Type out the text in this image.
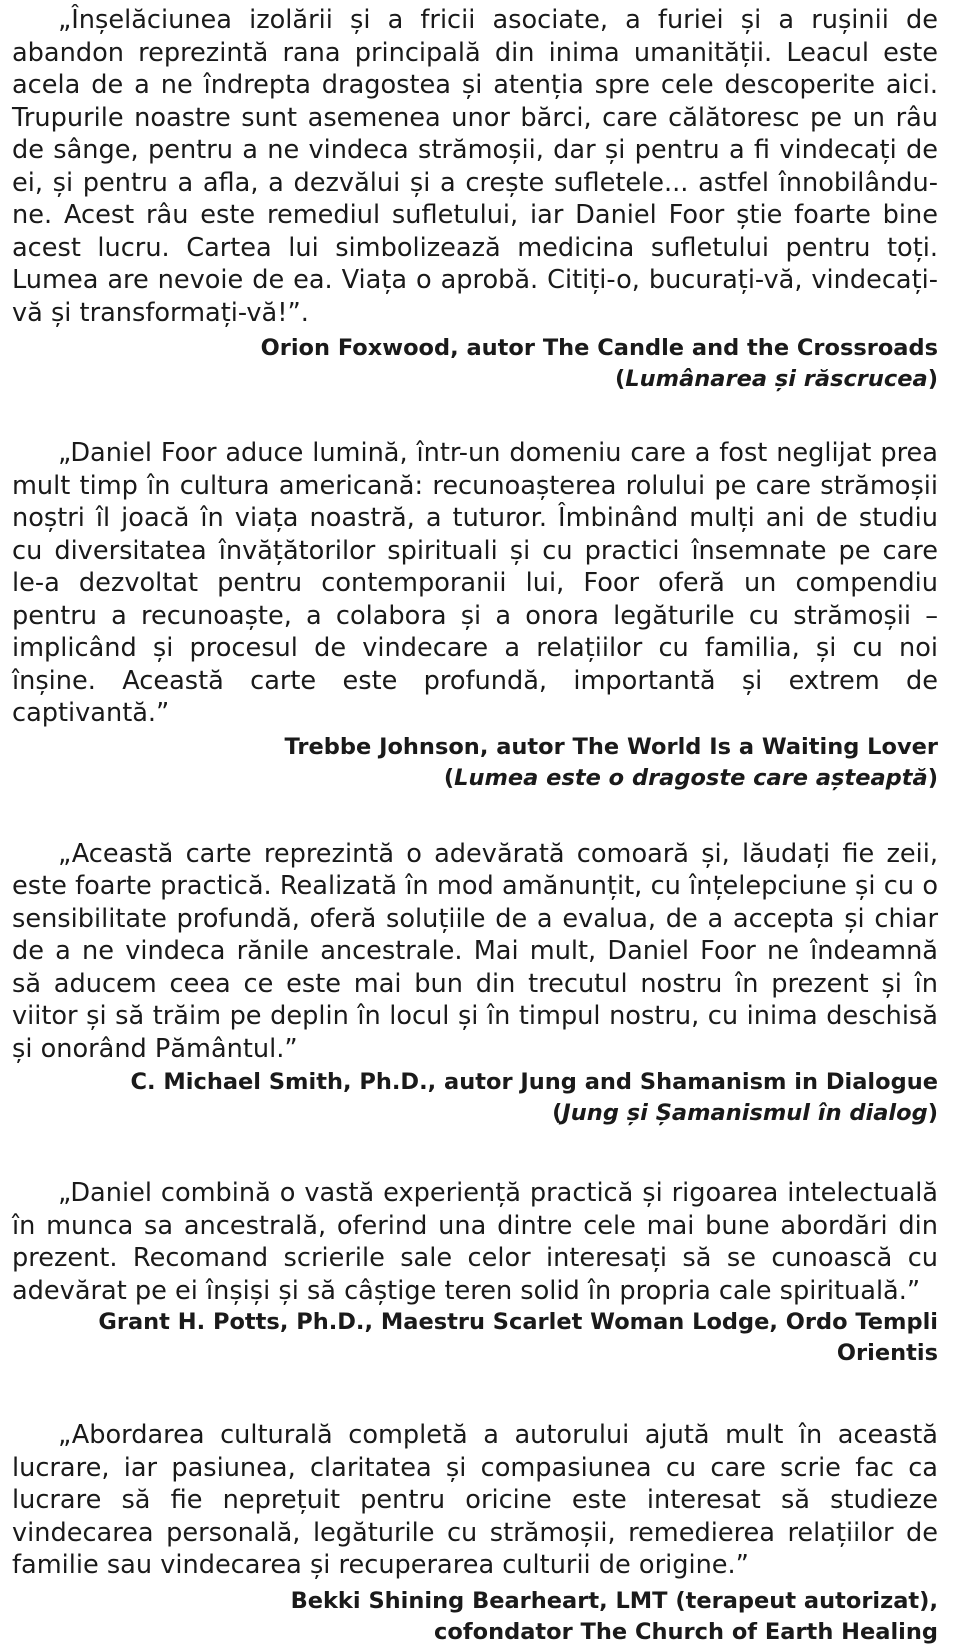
„Înșelăciunea izolării și a fricii asociate, a furiei și a rușinii de abandon reprezintă rana principală din inima umanității. Leacul este acela de a ne îndrepta dragostea și atenția spre cele descoperite aici. Trupurile noastre sunt asemenea unor bărci, care călătoresc pe un râu de sânge, pentru a ne vindeca strămoșii, dar și pentru a fi vindecați de ei, și pentru a afla, a dezvălui și a crește sufletele... astfel înnobilându-ne. Acest râu este remediul sufletului, iar Daniel Foor știe foarte bine acest lucru. Cartea lui simbolizează medicina sufletului pentru toți. Lumea are nevoie de ea. Viața o aprobă. Citiți-o, bucurați-vă, vindecați-vă și transformați-vă!”.

Orion Foxwood, autor The Candle and the Crossroads
(Lumânarea și răscrucea)

„Daniel Foor aduce lumină, într-un domeniu care a fost neglijat prea mult timp în cultura americană: recunoașterea rolului pe care strămoșii noștri îl joacă în viața noastră, a tuturor. Îmbinând mulți ani de studiu cu diversitatea învățătorilor spirituali și cu practici însemnate pe care le-a dezvoltat pentru contemporanii lui, Foor oferă un compendiu pentru a recunoaște, a colabora și a onora legăturile cu strămoșii – implicând și procesul de vindecare a relațiilor cu familia, și cu noi înșine. Această carte este profundă, importantă și extrem de captivantă.”

Trebbe Johnson, autor The World Is a Waiting Lover
(Lumea este o dragoste care așteaptă)

„Această carte reprezintă o adevărată comoară și, lăudați fie zeii, este foarte practică. Realizată în mod amănunțit, cu înțelepciune și cu o sensibilitate profundă, oferă soluțiile de a evalua, de a accepta și chiar de a ne vindeca rănile ancestrale. Mai mult, Daniel Foor ne îndeamnă să aducem ceea ce este mai bun din trecutul nostru în prezent și în viitor și să trăim pe deplin în locul și în timpul nostru, cu inima deschisă și onorând Pământul.”

C. Michael Smith, Ph.D., autor Jung and Shamanism in Dialogue
(Jung și Șamanismul în dialog)

„Daniel combină o vastă experiență practică și rigoarea intelectuală în munca sa ancestrală, oferind una dintre cele mai bune abordări din prezent. Recomand scrierile sale celor interesați să se cunoască cu adevărat pe ei înșiși și să câștige teren solid în propria cale spirituală.”

Grant H. Potts, Ph.D., Maestru Scarlet Woman Lodge, Ordo Templi Orientis

„Abordarea culturală completă a autorului ajută mult în această lucrare, iar pasiunea, claritatea și compasiunea cu care scrie fac ca lucrare să fie neprețuit pentru oricine este interesat să studieze vindecarea personală, legăturile cu strămoșii, remedierea relațiilor de familie sau vindecarea și recuperarea culturii de origine.”

Bekki Shining Bearheart, LMT (terapeut autorizat),
cofondator The Church of Earth Healing
